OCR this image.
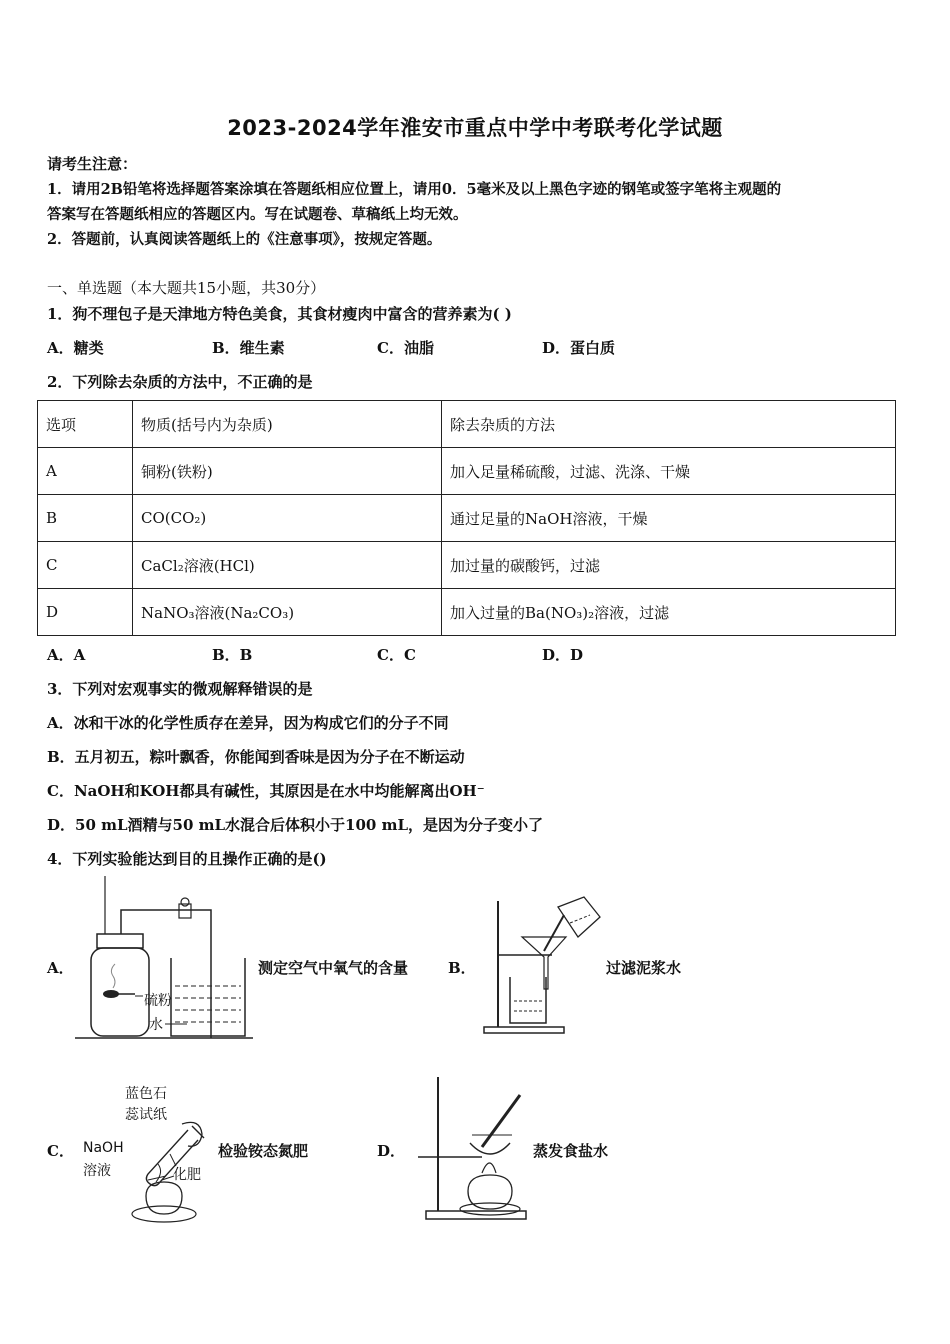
2023-2024学年淮安市重点中学中考联考化学试题
请考生注意：
1．请用2B铅笔将选择题答案涂填在答题纸相应位置上，请用0．5毫米及以上黑色字迹的钢笔或签字笔将主观题的
答案写在答题纸相应的答题区内。写在试题卷、草稿纸上均无效。
2．答题前，认真阅读答题纸上的《注意事项》，按规定答题。
一、单选题（本大题共15小题，共30分）
1．狗不理包子是天津地方特色美食，其食材瘦肉中富含的营养素为( )
A．糖类	B．维生素	C．油脂	D．蛋白质
2．下列除去杂质的方法中，不正确的是
选项	物质(括号内为杂质)	除去杂质的方法
A	铜粉(铁粉)	加入足量稀硫酸，过滤、洗涤、干燥
B	CO(CO₂)	通过足量的NaOH溶液，干燥
C	CaCl₂溶液(HCl)	加过量的碳酸钙，过滤
D	NaNO₃溶液(Na₂CO₃)	加入过量的Ba(NO₃)₂溶液，过滤
A．A	B．B	C．C	D．D
3．下列对宏观事实的微观解释错误的是
A．冰和干冰的化学性质存在差异，因为构成它们的分子不同
B．五月初五，粽叶飘香，你能闻到香味是因为分子在不断运动
C．NaOH和KOH都具有碱性，其原因是在水中均能解离出OH⁻
D．50 mL酒精与50 mL水混合后体积小于100 mL，是因为分子变小了
4．下列实验能达到目的且操作正确的是()
A．
硫粉
水
测定空气中氧气的含量	B．	过滤泥浆水
C．
蓝色石
蕊试纸
NaOH
溶液	化肥
检验铵态氮肥	D．	蒸发食盐水
